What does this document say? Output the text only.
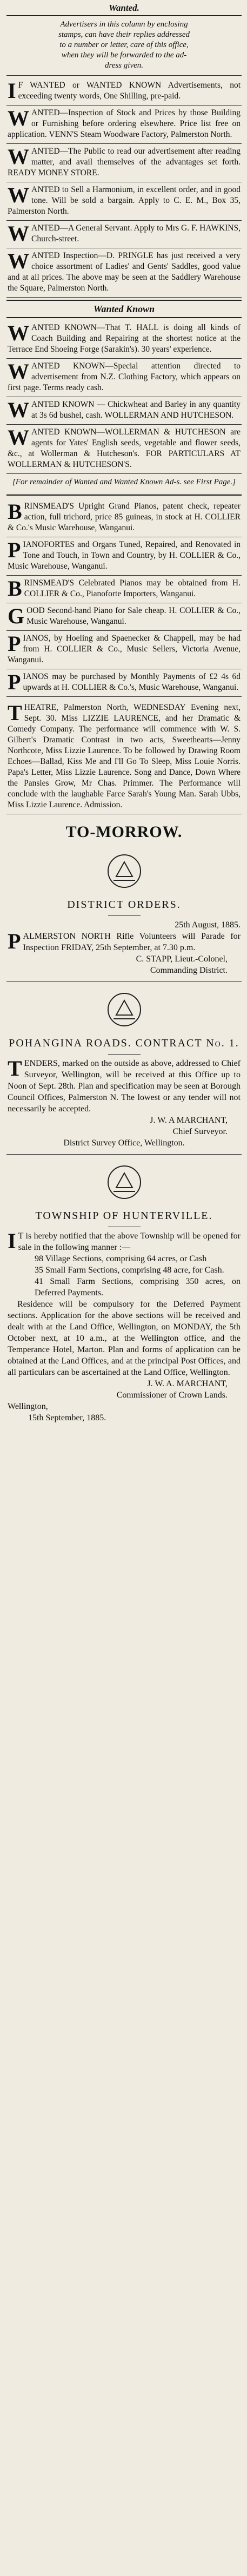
Wanted.
Advertisers in this column by enclosing
stamps, can have their replies addressed
to a number or letter, care of this office,
when they will be forwarded to the ad-
dress given.
I F WANTED or WANTED KNOWN Advertisements, not exceeding twenty words, One Shilling, pre-paid.

W ANTED—Inspection of Stock and Prices by those Building or Furnishing before ordering elsewhere. Price list free on application. VENN'S Steam Woodware Factory, Palmerston North.

W ANTED—The Public to read our advertisement after reading matter, and avail themselves of the advantages set forth. READY MONEY STORE.

W ANTED to Sell a Harmonium, in excellent order, and in good tone. Will be sold a bargain. Apply to C. E. M., Box 35, Palmerston North.

W ANTED—A General Servant. Apply to Mrs G. F. HAWKINS, Church-street.

W ANTED Inspection—D. PRINGLE has just received a very choice assortment of Ladies' and Gents' Saddles, good value and at all prices. The above may be seen at the Saddlery Warehouse the Square, Palmerston North.

Wanted Known
W ANTED KNOWN—That T. HALL is doing all kinds of Coach Building and Repairing at the shortest notice at the Terrace End Shoeing Forge (Sarakin's). 30 years' experience.

W ANTED KNOWN—Special attention directed to advertisement from N.Z. Clothing Factory, which appears on first page. Terms ready cash.

W ANTED KNOWN — Chickwheat and Barley in any quantity at 3s 6d bushel, cash. WOLLERMAN AND HUTCHESON.

W ANTED KNOWN—WOLLERMAN & HUTCHESON are agents for Yates' English seeds, vegetable and flower seeds, &c., at Wollerman & Hutcheson's. FOR PARTICULARS AT WOLLERMAN & HUTCHESON'S.

[For remainder of Wanted and Wanted Known Ad-s. see First Page.]
B RINSMEAD'S Upright Grand Pianos, patent check, repeater action, full trichord, price 85 guineas, in stock at H. COLLIER & Co.'s Music Warehouse, Wanganui.

P IANOFORTES and Organs Tuned, Repaired, and Renovated in Tone and Touch, in Town and Country, by H. COLLIER & Co., Music Warehouse, Wanganui.

B RINSMEAD'S Celebrated Pianos may be obtained from H. COLLIER & Co., Pianoforte Importers, Wanganui.

G OOD Second-hand Piano for Sale cheap. H. COLLIER & Co., Music Warehouse, Wanganui.

P IANOS, by Hoeling and Spaenecker & Chappell, may be had from H. COLLIER & Co., Music Sellers, Victoria Avenue, Wanganui.

P IANOS may be purchased by Monthly Payments of £2 4s 6d upwards at H. COLLIER & Co.'s, Music Warehouse, Wanganui.

T HEATRE, Palmerston North, WEDNESDAY Evening next, Sept. 30. Miss LIZZIE LAURENCE, and her Dramatic & Comedy Company. The performance will commence with W. S. Gilbert's Dramatic Contrast in two acts, Sweethearts—Jenny Northcote, Miss Lizzie Laurence. To be followed by Drawing Room Echoes—Ballad, Kiss Me and I'll Go To Sleep, Miss Louie Norris. Papa's Letter, Miss Lizzie Laurence. Song and Dance, Down Where the Pansies Grow, Mr Chas. Primmer. The Performance will conclude with the laughable Farce Sarah's Young Man. Sarah Ubbs, Miss Lizzie Laurence. Admission.

TO-MORROW.
DISTRICT ORDERS.

25th August, 1885.

PALMERSTON NORTH Rifle Volunteers will Parade for Inspection FRIDAY, 25th September, at 7.30 p.m.

C. STAPP, Lieut.-Colonel,

Commanding District.

POHANGINA ROADS. CONTRACT No. 1.

TENDERS, marked on the outside as above, addressed to Chief Surveyor, Wellington, will be received at this Office up to Noon of Sept. 28th. Plan and specification may be seen at Borough Council Offices, Palmerston N. The lowest or any tender will not necessarily be accepted.

J. W. A MARCHANT,

Chief Surveyor.

District Survey Office, Wellington.

TOWNSHIP OF HUNTERVILLE.

I T is hereby notified that the above Township will be opened for sale in the following manner :—

98 Village Sections, comprising 64 acres, or Cash

35 Small Farm Sections, comprising 48 acre, for Cash.

41 Small Farm Sections, comprising 350 acres, on Deferred Payments.

Residence will be compulsory for the Deferred Payment sections. Application for the above sections will be received and dealt with at the Land Office, Wellington, on MONDAY, the 5th October next, at 10 a.m., at the Wellington office, and the Temperance Hotel, Marton. Plan and forms of application can be obtained at the Land Offices, and at the principal Post Offices, and all particulars can be ascertained at the Land Office, Wellington.

J. W. A. MARCHANT,

Commissioner of Crown Lands.

Wellington,

15th September, 1885.
